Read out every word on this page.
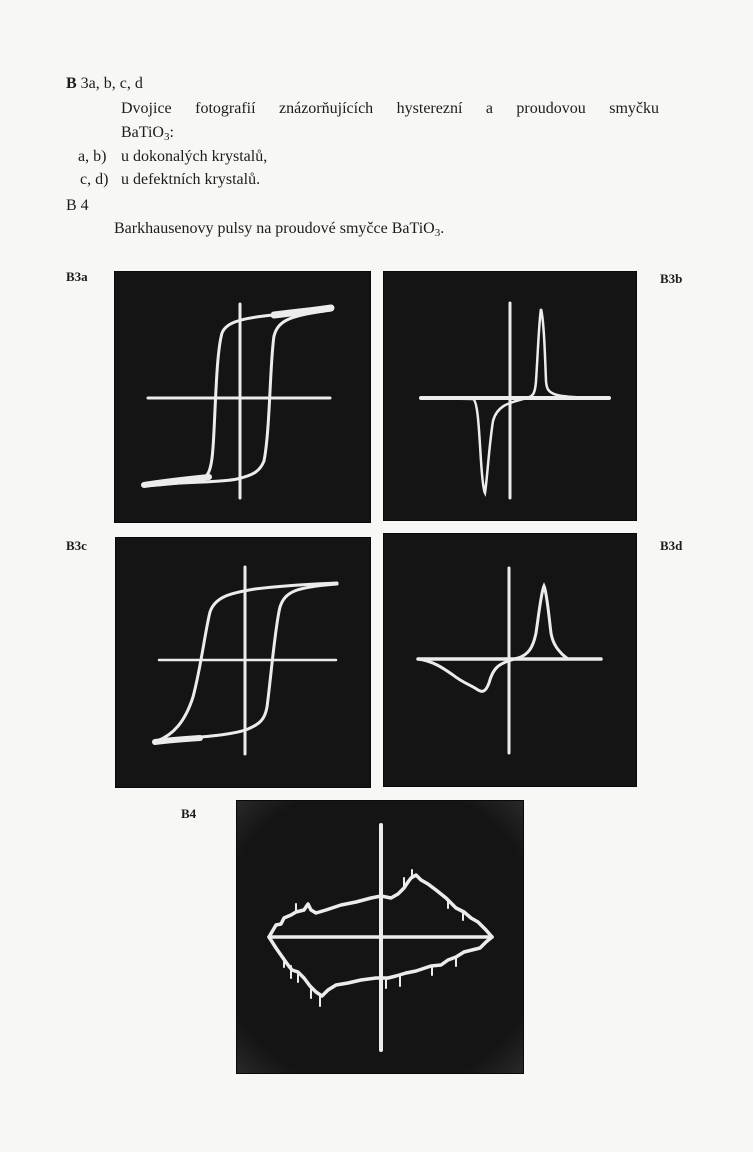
B 3a, b, c, d
Dvojice fotografií znázorňujících hysterezní a proudovou smyčku
BaTiO$_3$:
a, b) u dokonalých krystalů,
c, d) u defektních krystalů.
B 4
Barkhausenovy pulsy na proudové smyčce BaTiO$_3$.
B3a	B3b
B3c	B3d
B4
